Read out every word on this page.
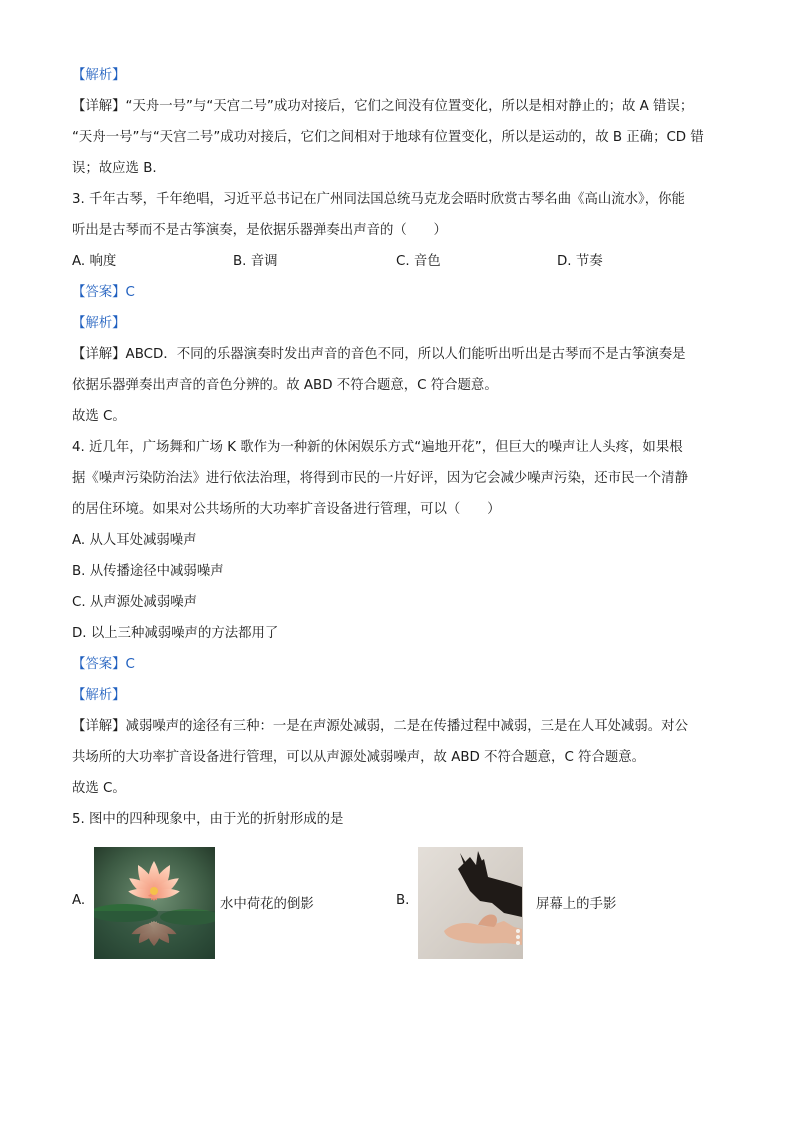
【解析】
【详解】“天舟一号”与“天宫二号”成功对接后，它们之间没有位置变化，所以是相对静止的；故 A 错误；
“天舟一号”与“天宫二号”成功对接后，它们之间相对于地球有位置变化，所以是运动的，故 B 正确；CD 错
误；故应选 B.
3. 千年古琴，千年绝唱，习近平总书记在广州同法国总统马克龙会晤时欣赏古琴名曲《高山流水》，你能
听出是古琴而不是古筝演奏，是依据乐器弹奏出声音的（　　）
A. 响度	B. 音调	C. 音色	D. 节奏
【答案】C
【解析】
【详解】ABCD．不同的乐器演奏时发出声音的音色不同，所以人们能听出听出是古琴而不是古筝演奏是
依据乐器弹奏出声音的音色分辨的。故 ABD 不符合题意，C 符合题意。
故选 C。
4. 近几年，广场舞和广场 K 歌作为一种新的休闲娱乐方式“遍地开花”，但巨大的噪声让人头疼，如果根
据《噪声污染防治法》进行依法治理，将得到市民的一片好评，因为它会减少噪声污染，还市民一个清静
的居住环境。如果对公共场所的大功率扩音设备进行管理，可以（　　）
A. 从人耳处减弱噪声
B. 从传播途径中减弱噪声
C. 从声源处减弱噪声
D. 以上三种减弱噪声的方法都用了
【答案】C
【解析】
【详解】减弱噪声的途径有三种：一是在声源处减弱，二是在传播过程中减弱，三是在人耳处减弱。对公
共场所的大功率扩音设备进行管理，可以从声源处减弱噪声，故 ABD 不符合题意，C 符合题意。
故选 C。
5. 图中的四种现象中，由于光的折射形成的是
A.	水中荷花的倒影	B.	屏幕上的手影
